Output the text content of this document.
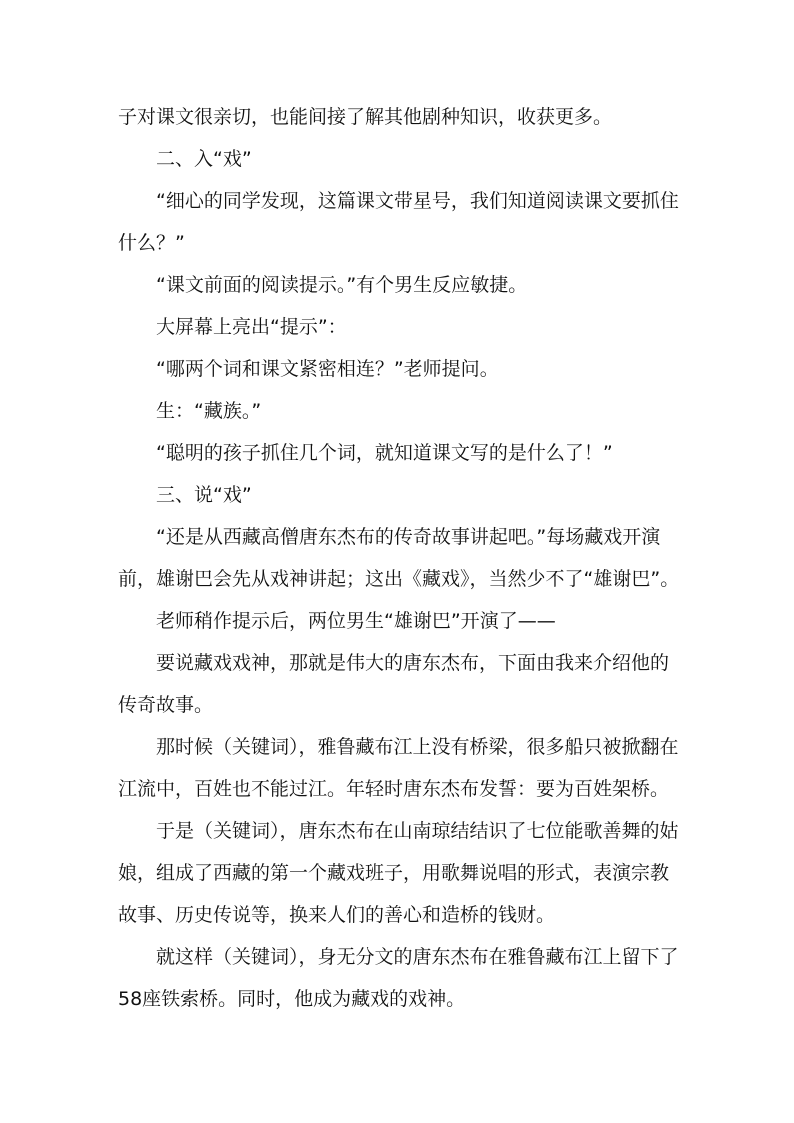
子对课文很亲切，也能间接了解其他剧种知识，收获更多。

二、入“戏”

“细心的同学发现，这篇课文带星号，我们知道阅读课文要抓住什么？”

“课文前面的阅读提示。”有个男生反应敏捷。

大屏幕上亮出“提示”：

“哪两个词和课文紧密相连？”老师提问。

生：“藏族。”

“聪明的孩子抓住几个词，就知道课文写的是什么了！”

三、说“戏”

“还是从西藏高僧唐东杰布的传奇故事讲起吧。”每场藏戏开演前，雄谢巴会先从戏神讲起；这出《藏戏》，当然少不了“雄谢巴”。

老师稍作提示后，两位男生“雄谢巴”开演了——

要说藏戏戏神，那就是伟大的唐东杰布，下面由我来介绍他的传奇故事。

那时候（关键词），雅鲁藏布江上没有桥梁，很多船只被掀翻在江流中，百姓也不能过江。年轻时唐东杰布发誓：要为百姓架桥。

于是（关键词），唐东杰布在山南琼结结识了七位能歌善舞的姑娘，组成了西藏的第一个藏戏班子，用歌舞说唱的形式，表演宗教故事、历史传说等，换来人们的善心和造桥的钱财。

就这样（关键词），身无分文的唐东杰布在雅鲁藏布江上留下了58座铁索桥。同时，他成为藏戏的戏神。
